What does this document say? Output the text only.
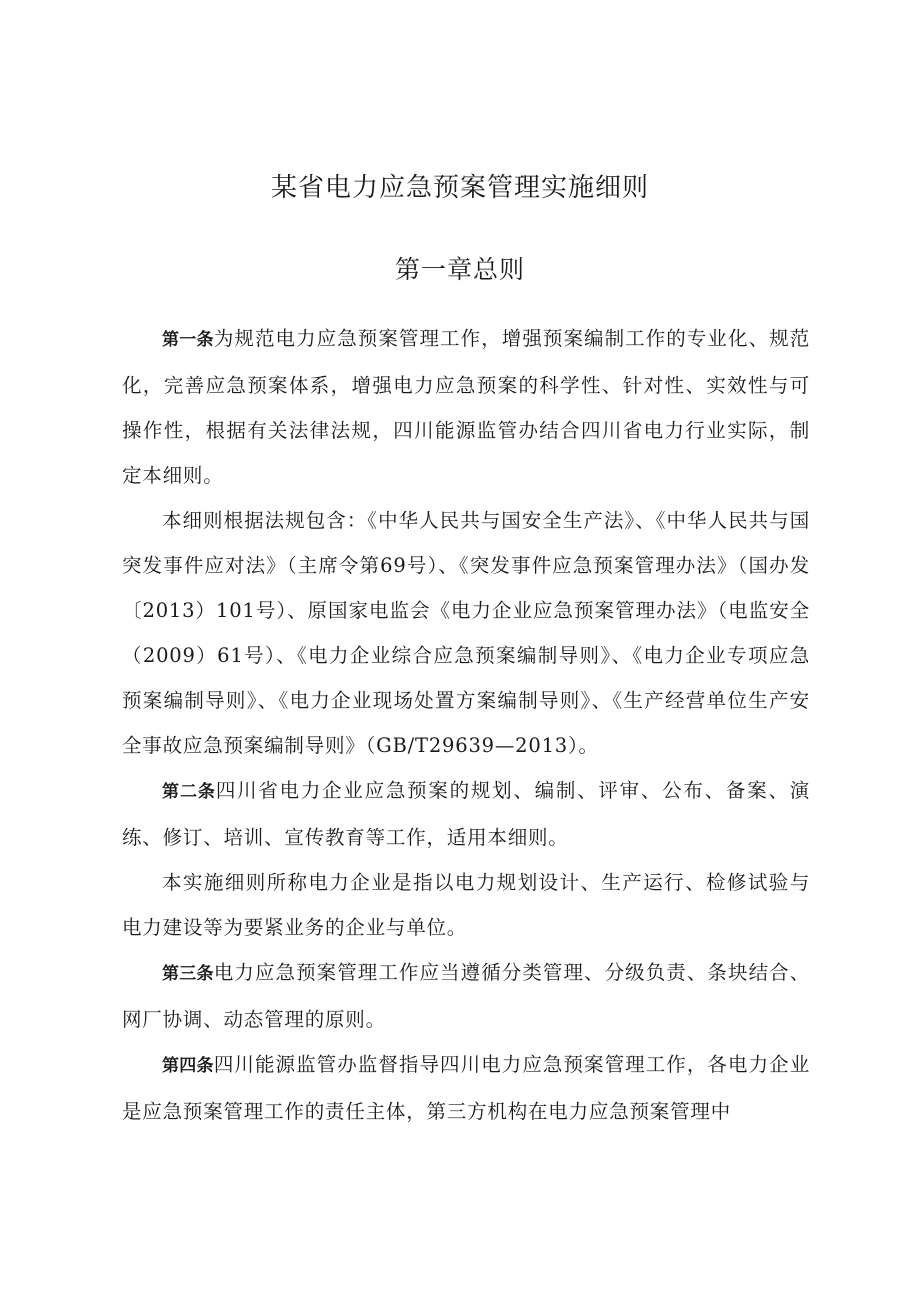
某省电力应急预案管理实施细则
第一章总则

第一条为规范电力应急预案管理工作，增强预案编制工作的专业化、规范化，完善应急预案体系，增强电力应急预案的科学性、针对性、实效性与可操作性，根据有关法律法规，四川能源监管办结合四川省电力行业实际，制定本细则。

本细则根据法规包含：《中华人民共与国安全生产法》、《中华人民共与国突发事件应对法》（主席令第69号）、《突发事件应急预案管理办法》（国办发〔2013）101号）、原国家电监会《电力企业应急预案管理办法》（电监安全（2009）61号）、《电力企业综合应急预案编制导则》、《电力企业专项应急预案编制导则》、《电力企业现场处置方案编制导则》、《生产经营单位生产安全事故应急预案编制导则》（GB/T29639—2013）。

第二条四川省电力企业应急预案的规划、编制、评审、公布、备案、演练、修订、培训、宣传教育等工作，适用本细则。

本实施细则所称电力企业是指以电力规划设计、生产运行、检修试验与电力建设等为要紧业务的企业与单位。

第三条电力应急预案管理工作应当遵循分类管理、分级负责、条块结合、网厂协调、动态管理的原则。

第四条四川能源监管办监督指导四川电力应急预案管理工作，各电力企业是应急预案管理工作的责任主体，第三方机构在电力应急预案管理中
